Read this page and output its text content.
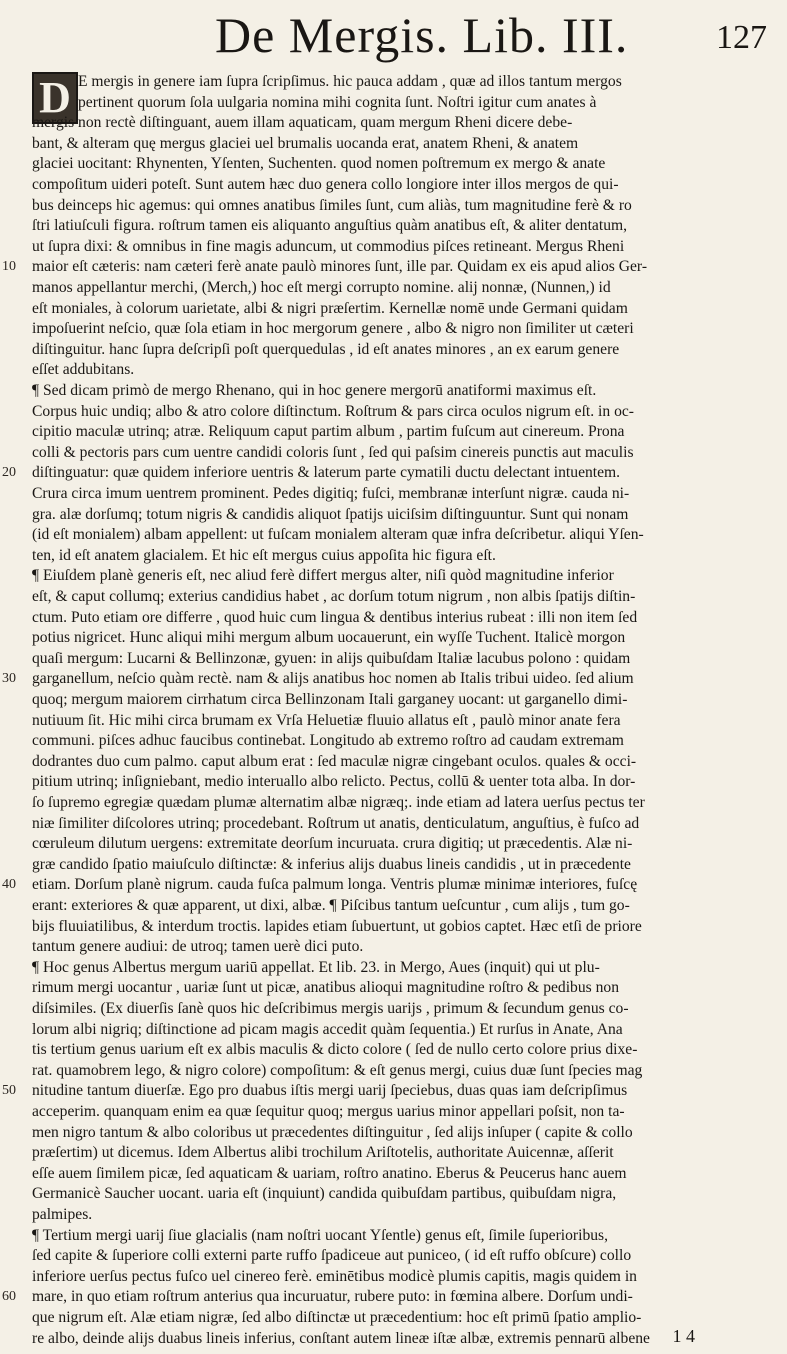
De Mergis. Lib. III.	127
D E mergis in genere iam ſupra ſcripſimus. hic pauca addam , quæ ad illos tantum mergos
pertinent quorum ſola uulgaria nomina mihi cognita ſunt. Noſtri igitur cum anates à
mergis non rectè diſtinguant, auem illam aquaticam, quam mergum Rheni dicere debe-
bant, & alteram quę mergus glaciei uel brumalis uocanda erat, anatem Rheni, & anatem
glaciei uocitant: Rhynenten, Yſenten, Suchenten. quod nomen poſtremum ex mergo & anate
compoſitum uideri poteſt. Sunt autem hæc duo genera collo longiore inter illos mergos de qui-
bus deinceps hic agemus: qui omnes anatibus ſimiles ſunt, cum aliàs, tum magnitudine ferè & ro
ſtri latiuſculi figura. roſtrum tamen eis aliquanto anguſtius quàm anatibus eſt, & aliter dentatum,
ut ſupra dixi: & omnibus in fine magis aduncum, ut commodius piſces retineant. Mergus Rheni
maior eſt cæteris: nam cæteri ferè anate paulò minores ſunt, ille par. Quidam ex eis apud alios Ger-
manos appellantur merchi, (Merch,) hoc eſt mergi corrupto nomine. alij nonnæ, (Nunnen,) id
eſt moniales, à colorum uarietate, albi & nigri præſertim. Kernellæ nomē unde Germani quidam
impoſuerint neſcio, quæ ſola etiam in hoc mergorum genere , albo & nigro non ſimiliter ut cæteri
diſtinguitur. hanc ſupra deſcripſi poſt querquedulas , id eſt anates minores , an ex earum genere
eſſet addubitans.
¶ Sed dicam primò de mergo Rhenano, qui in hoc genere mergorū anatiformi maximus eſt.
Corpus huic undiq; albo & atro colore diſtinctum. Roſtrum & pars circa oculos nigrum eſt. in oc-
cipitio maculæ utrinq; atræ. Reliquum caput partim album , partim fuſcum aut cinereum. Prona
colli & pectoris pars cum uentre candidi coloris ſunt , ſed qui paſsim cinereis punctis aut maculis
diſtinguatur: quæ quidem inferiore uentris & laterum parte cymatili ductu delectant intuentem.
Crura circa imum uentrem prominent. Pedes digitiq; fuſci, membranæ interſunt nigræ. cauda ni-
gra. alæ dorſumq; totum nigris & candidis aliquot ſpatijs uiciſsim diſtinguuntur. Sunt qui nonam
(id eſt monialem) albam appellent: ut fuſcam monialem alteram quæ infra deſcribetur. aliqui Yſen-
ten, id eſt anatem glacialem. Et hic eſt mergus cuius appoſita hic figura eſt.
¶ Eiuſdem planè generis eſt, nec aliud ferè differt mergus alter, niſi quòd magnitudine inferior
eſt, & caput collumq; exterius candidius habet , ac dorſum totum nigrum , non albis ſpatijs diſtin-
ctum. Puto etiam ore differre , quod huic cum lingua & dentibus interius rubeat : illi non item ſed
potius nigricet. Hunc aliqui mihi mergum album uocauerunt, ein wyſſe Tuchent. Italicè morgon
quaſi mergum: Lucarni & Bellinzonæ, gyuen: in alijs quibuſdam Italiæ lacubus polono : quidam
garganellum, neſcio quàm rectè. nam & alijs anatibus hoc nomen ab Italis tribui uideo. ſed alium
quoq; mergum maiorem cirrhatum circa Bellinzonam Itali garganey uocant: ut garganello dimi-
nutiuum ſit. Hic mihi circa brumam ex Vrſa Heluetiæ fluuio allatus eſt , paulò minor anate fera
communi. piſces adhuc faucibus continebat. Longitudo ab extremo roſtro ad caudam extremam
dodrantes duo cum palmo. caput album erat : ſed maculæ nigræ cingebant oculos. quales & occi-
pitium utrinq; inſigniebant, medio interuallo albo relicto. Pectus, collū & uenter tota alba. In dor-
ſo ſupremo egregiæ quædam plumæ alternatim albæ nigræq;. inde etiam ad latera uerſus pectus ter
niæ ſimiliter diſcolores utrinq; procedebant. Roſtrum ut anatis, denticulatum, anguſtius, è fuſco ad
cœruleum dilutum uergens: extremitate deorſum incuruata. crura digitiq; ut præcedentis. Alæ ni-
græ candido ſpatio maiuſculo diſtinctæ: & inferius alijs duabus lineis candidis , ut in præcedente
etiam. Dorſum planè nigrum. cauda fuſca palmum longa. Ventris plumæ minimæ interiores, fuſcę
erant: exteriores & quæ apparent, ut dixi, albæ. ¶ Piſcibus tantum ueſcuntur , cum alijs , tum go-
bijs fluuiatilibus, & interdum troctis. lapides etiam ſubuertunt, ut gobios captet. Hæc etſi de priore
tantum genere audiui: de utroq; tamen uerè dici puto.
¶ Hoc genus Albertus mergum uariū appellat. Et lib. 23. in Mergo, Aues (inquit) qui ut plu-
rimum mergi uocantur , uariæ ſunt ut picæ, anatibus alioqui magnitudine roſtro & pedibus non
diſsimiles. (Ex diuerſis ſanè quos hic deſcribimus mergis uarijs , primum & ſecundum genus co-
lorum albi nigriq; diſtinctione ad picam magis accedit quàm ſequentia.) Et rurſus in Anate, Ana
tis tertium genus uarium eſt ex albis maculis & dicto colore ( ſed de nullo certo colore prius dixe-
rat. quamobrem lego, & nigro colore) compoſitum: & eſt genus mergi, cuius duæ ſunt ſpecies mag
nitudine tantum diuerſæ. Ego pro duabus iſtis mergi uarij ſpeciebus, duas quas iam deſcripſimus
acceperim. quanquam enim ea quæ ſequitur quoq; mergus uarius minor appellari poſsit, non ta-
men nigro tantum & albo coloribus ut præcedentes diſtinguitur , ſed alijs inſuper ( capite & collo
præſertim) ut dicemus. Idem Albertus alibi trochilum Ariſtotelis, authoritate Auicennæ, aſſerit
eſſe auem ſimilem picæ, ſed aquaticam & uariam, roſtro anatino. Eberus & Peucerus hanc auem
Germanicè Saucher uocant. uaria eſt (inquiunt) candida quibuſdam partibus, quibuſdam nigra,
palmipes.
¶ Tertium mergi uarij ſiue glacialis (nam noſtri uocant Yſentle) genus eſt, ſimile ſuperioribus,
ſed capite & ſuperiore colli externi parte ruffo ſpadiceue aut puniceo, ( id eſt ruffo obſcure) collo
inferiore uerſus pectus fuſco uel cinereo ferè. eminētibus modicè plumis capitis, magis quidem in
mare, in quo etiam roſtrum anterius qua incuruatur, rubere puto: in fœmina albere. Dorſum undi-
que nigrum eſt. Alæ etiam nigræ, ſed albo diſtinctæ ut præcedentium: hoc eſt primū ſpatio amplio-
re albo, deinde alijs duabus lineis inferius, conſtant autem lineæ iſtæ albæ, extremis pennarū albene
10
20
30
40
50
60
1 4
